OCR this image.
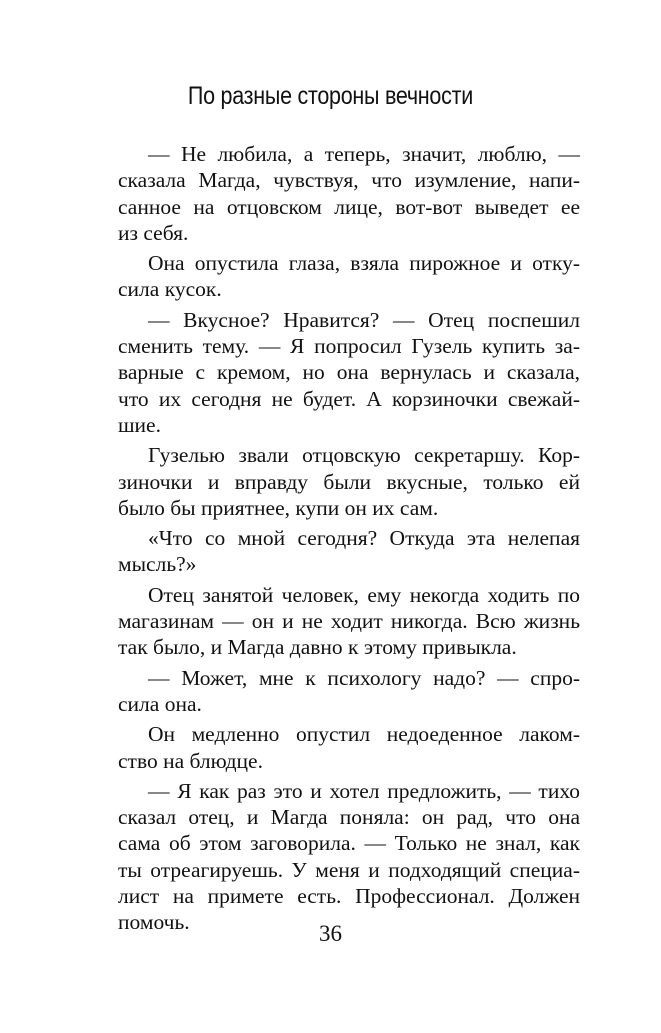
По разные стороны вечности
— Не любила, а теперь, значит, люблю, —
сказала Магда, чувствуя, что изумление, напи-
санное на отцовском лице, вот-вот выведет ее
из себя.
Она опустила глаза, взяла пирожное и отку-
сила кусок.
— Вкусное? Нравится? — Отец поспешил
сменить тему. — Я попросил Гузель купить за-
варные с кремом, но она вернулась и сказала,
что их сегодня не будет. А корзиночки свежай-
шие.
Гузелью звали отцовскую секретаршу. Кор-
зиночки и вправду были вкусные, только ей
было бы приятнее, купи он их сам.
«Что со мной сегодня? Откуда эта нелепая
мысль?»
Отец занятой человек, ему некогда ходить по
магазинам — он и не ходит никогда. Всю жизнь
так было, и Магда давно к этому привыкла.
— Может, мне к психологу надо? — спро-
сила она.
Он медленно опустил недоеденное лаком-
ство на блюдце.
— Я как раз это и хотел предложить, — тихо
сказал отец, и Магда поняла: он рад, что она
сама об этом заговорила. — Только не знал, как
ты отреагируешь. У меня и подходящий специа-
лист на примете есть. Профессионал. Должен
помочь.	36
